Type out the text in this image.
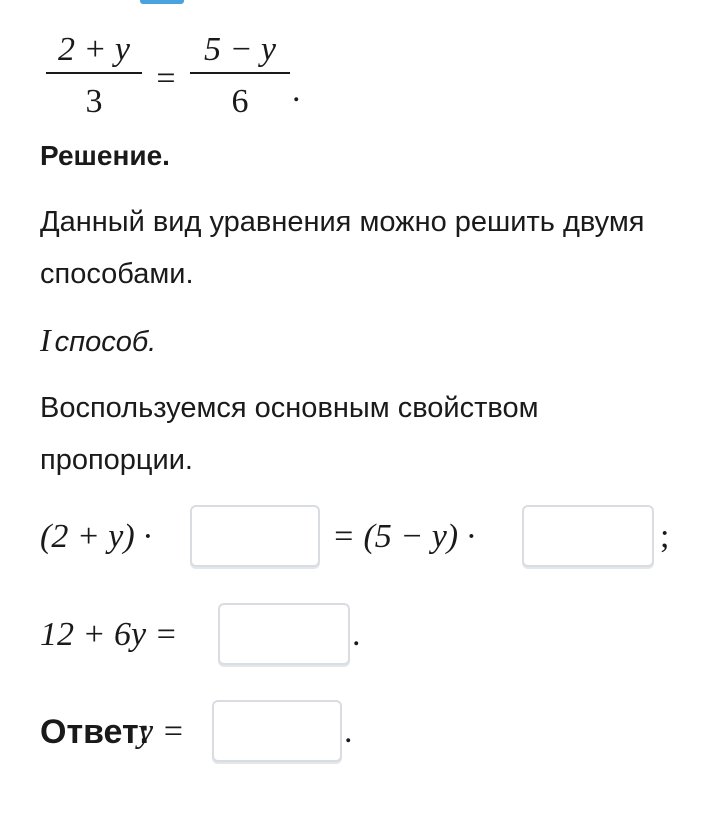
2 + y
3
=
5 − y
6	.
Решение.
Данный вид уравнения можно решить двумя способами.
I способ.
Воспользуемся основным свойством пропорции.
(2 + y) ·	= (5 − y) ·	;
12 + 6y =	.
Ответ:
y =	.
